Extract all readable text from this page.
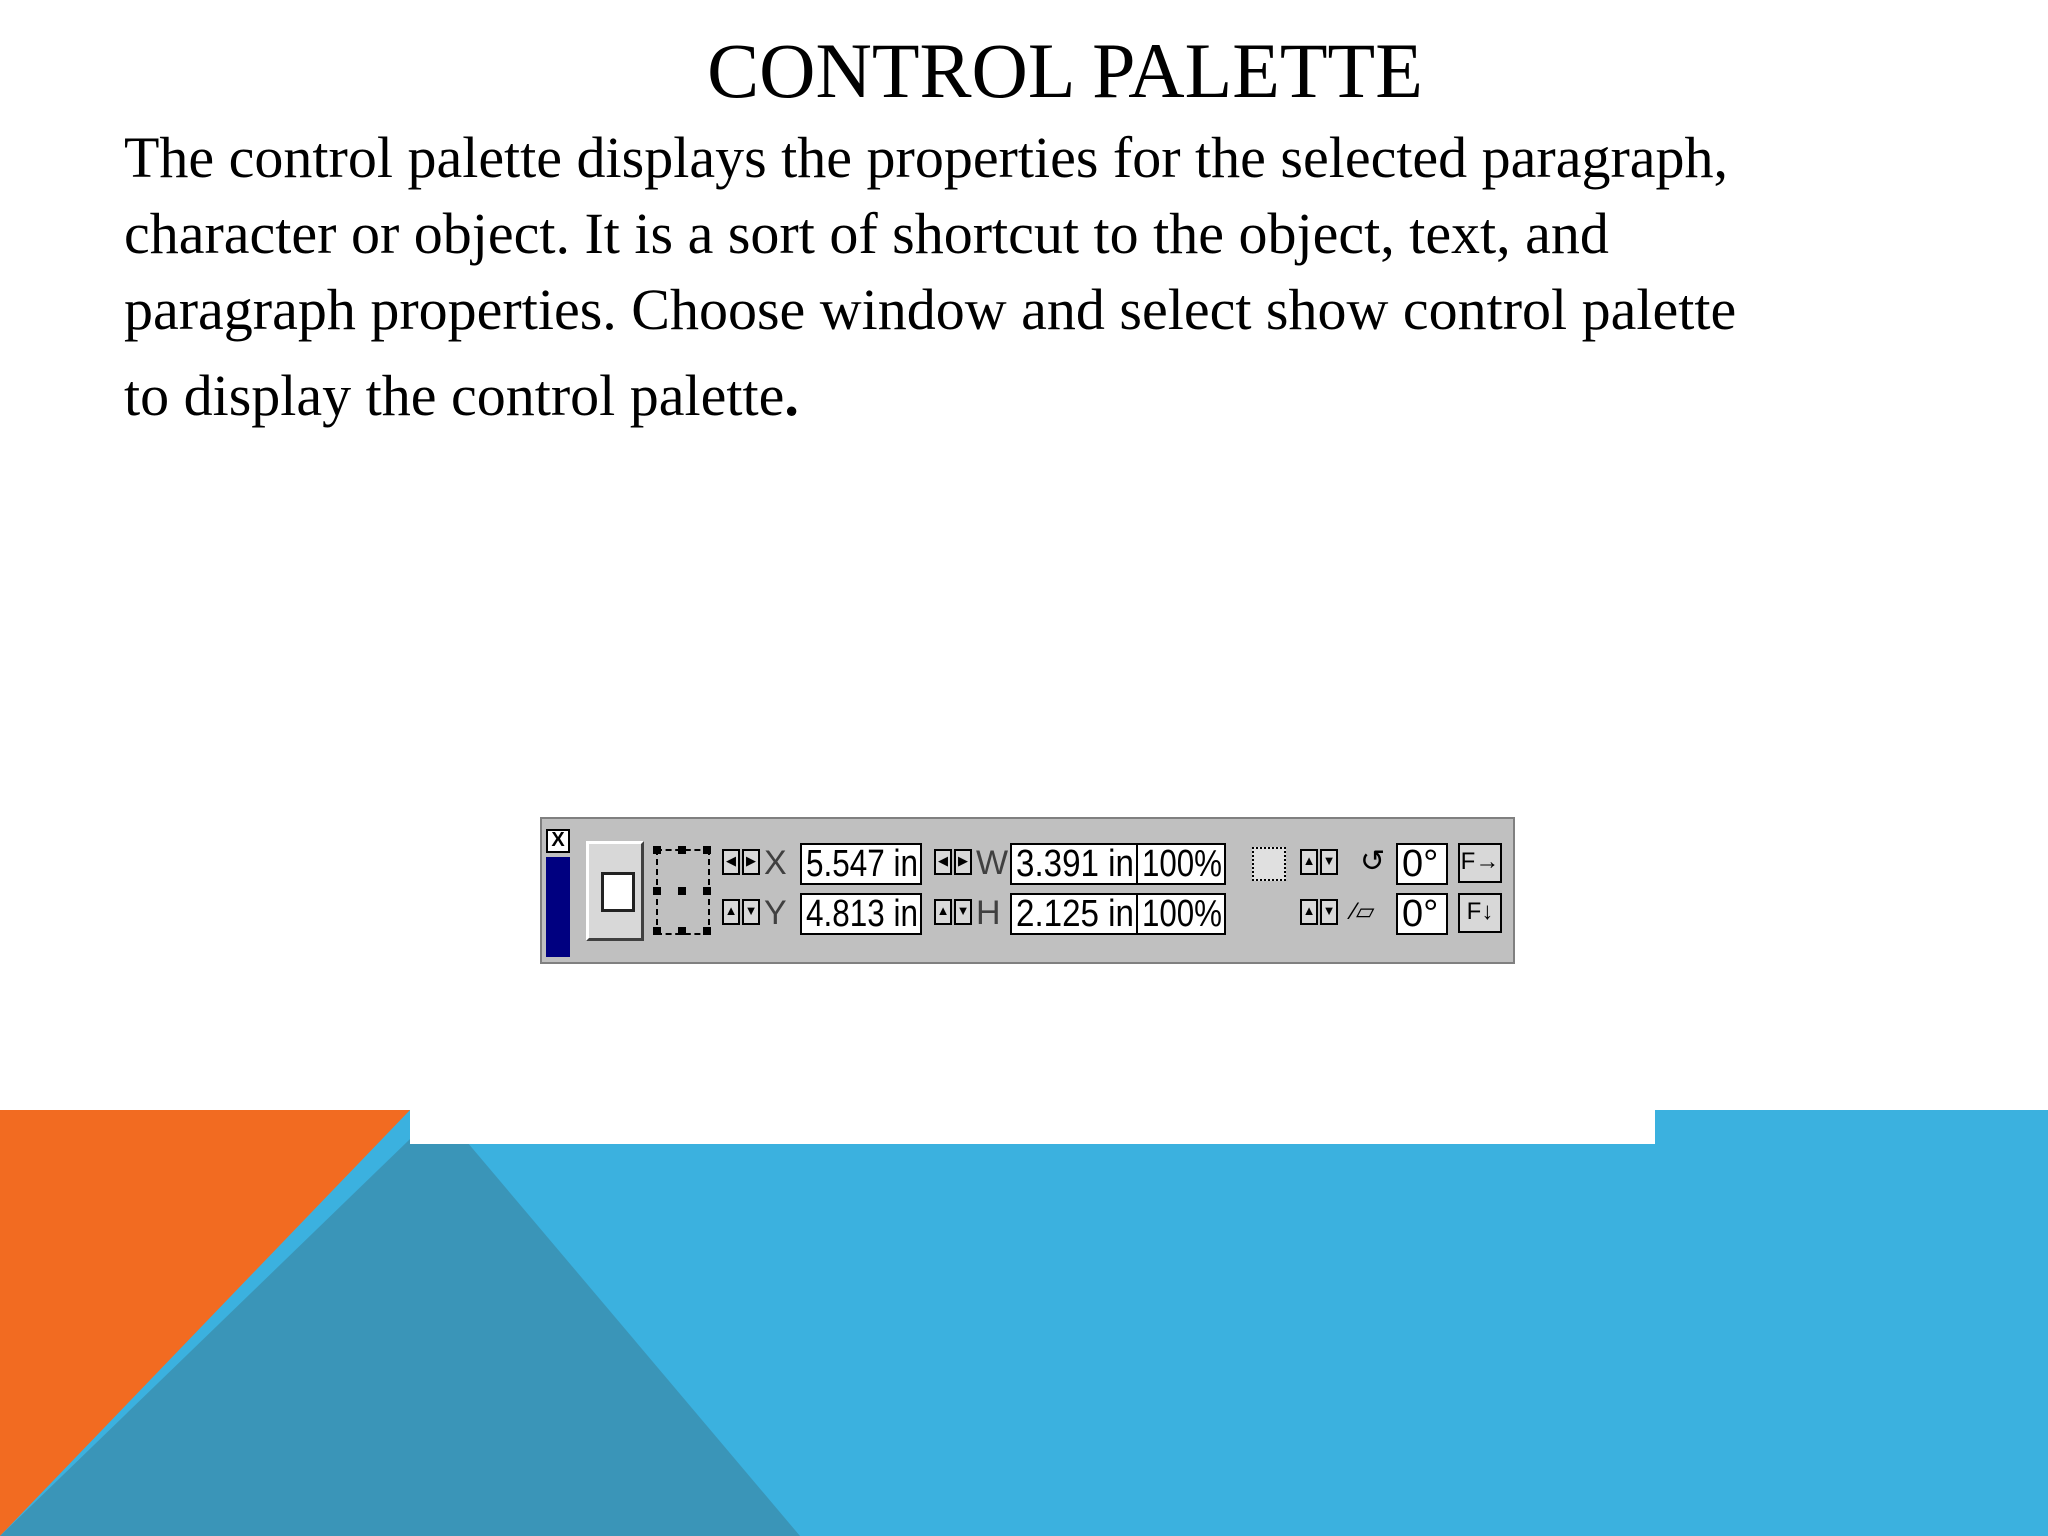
CONTROL PALETTE

The control palette displays the properties for the selected paragraph,
character or object. It is a sort of shortcut to the object, text, and
paragraph properties. Choose window and select show control palette

to display the control palette.

X
◀ ▶
▲ ▼
X
Y
5.547 in
4.813 in
◀ ▶
▲ ▼
W
H
3.391 in
2.125 in
100%
100%
▲ ▼
▲ ▼
↺
⁄▱
0°
0°
F→
F↓
